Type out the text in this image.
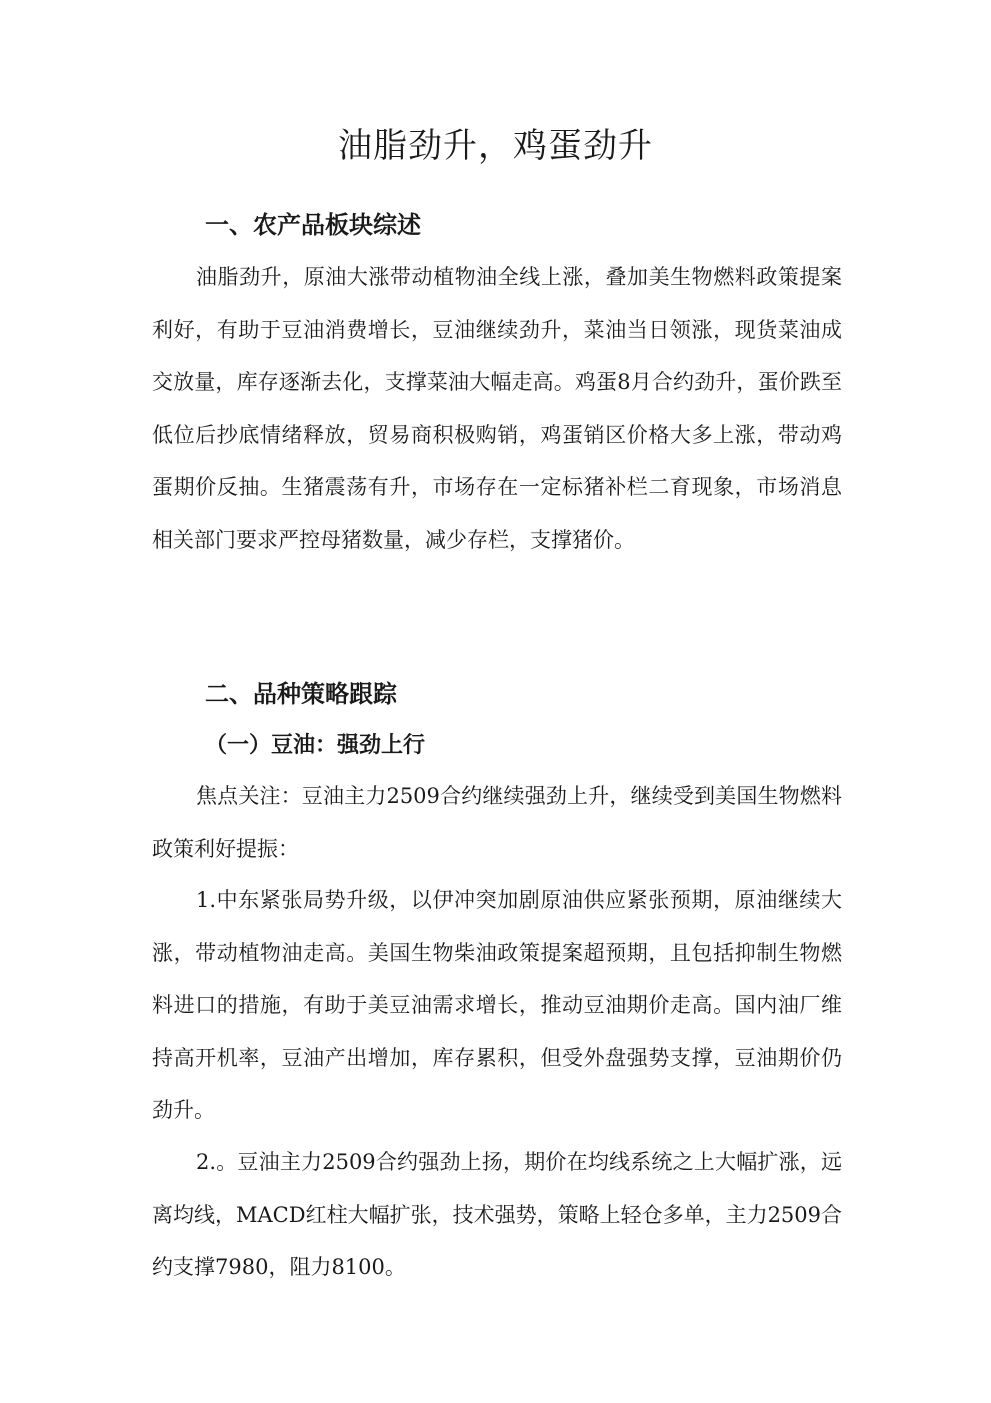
油脂劲升，鸡蛋劲升
一、农产品板块综述
油脂劲升，原油大涨带动植物油全线上涨，叠加美生物燃料政策提案利好，有助于豆油消费增长，豆油继续劲升，菜油当日领涨，现货菜油成交放量，库存逐渐去化，支撑菜油大幅走高。鸡蛋8月合约劲升，蛋价跌至低位后抄底情绪释放，贸易商积极购销，鸡蛋销区价格大多上涨，带动鸡蛋期价反抽。生猪震荡有升，市场存在一定标猪补栏二育现象，市场消息相关部门要求严控母猪数量，减少存栏，支撑猪价。
二、品种策略跟踪
（一）豆油：强劲上行
焦点关注：豆油主力2509合约继续强劲上升，继续受到美国生物燃料政策利好提振：
1.中东紧张局势升级，以伊冲突加剧原油供应紧张预期，原油继续大涨，带动植物油走高。美国生物柴油政策提案超预期，且包括抑制生物燃料进口的措施，有助于美豆油需求增长，推动豆油期价走高。国内油厂维持高开机率，豆油产出增加，库存累积，但受外盘强势支撑，豆油期价仍劲升。
2.。豆油主力2509合约强劲上扬，期价在均线系统之上大幅扩涨，远离均线，MACD红柱大幅扩张，技术强势，策略上轻仓多单，主力2509合约支撑7980，阻力8100。
